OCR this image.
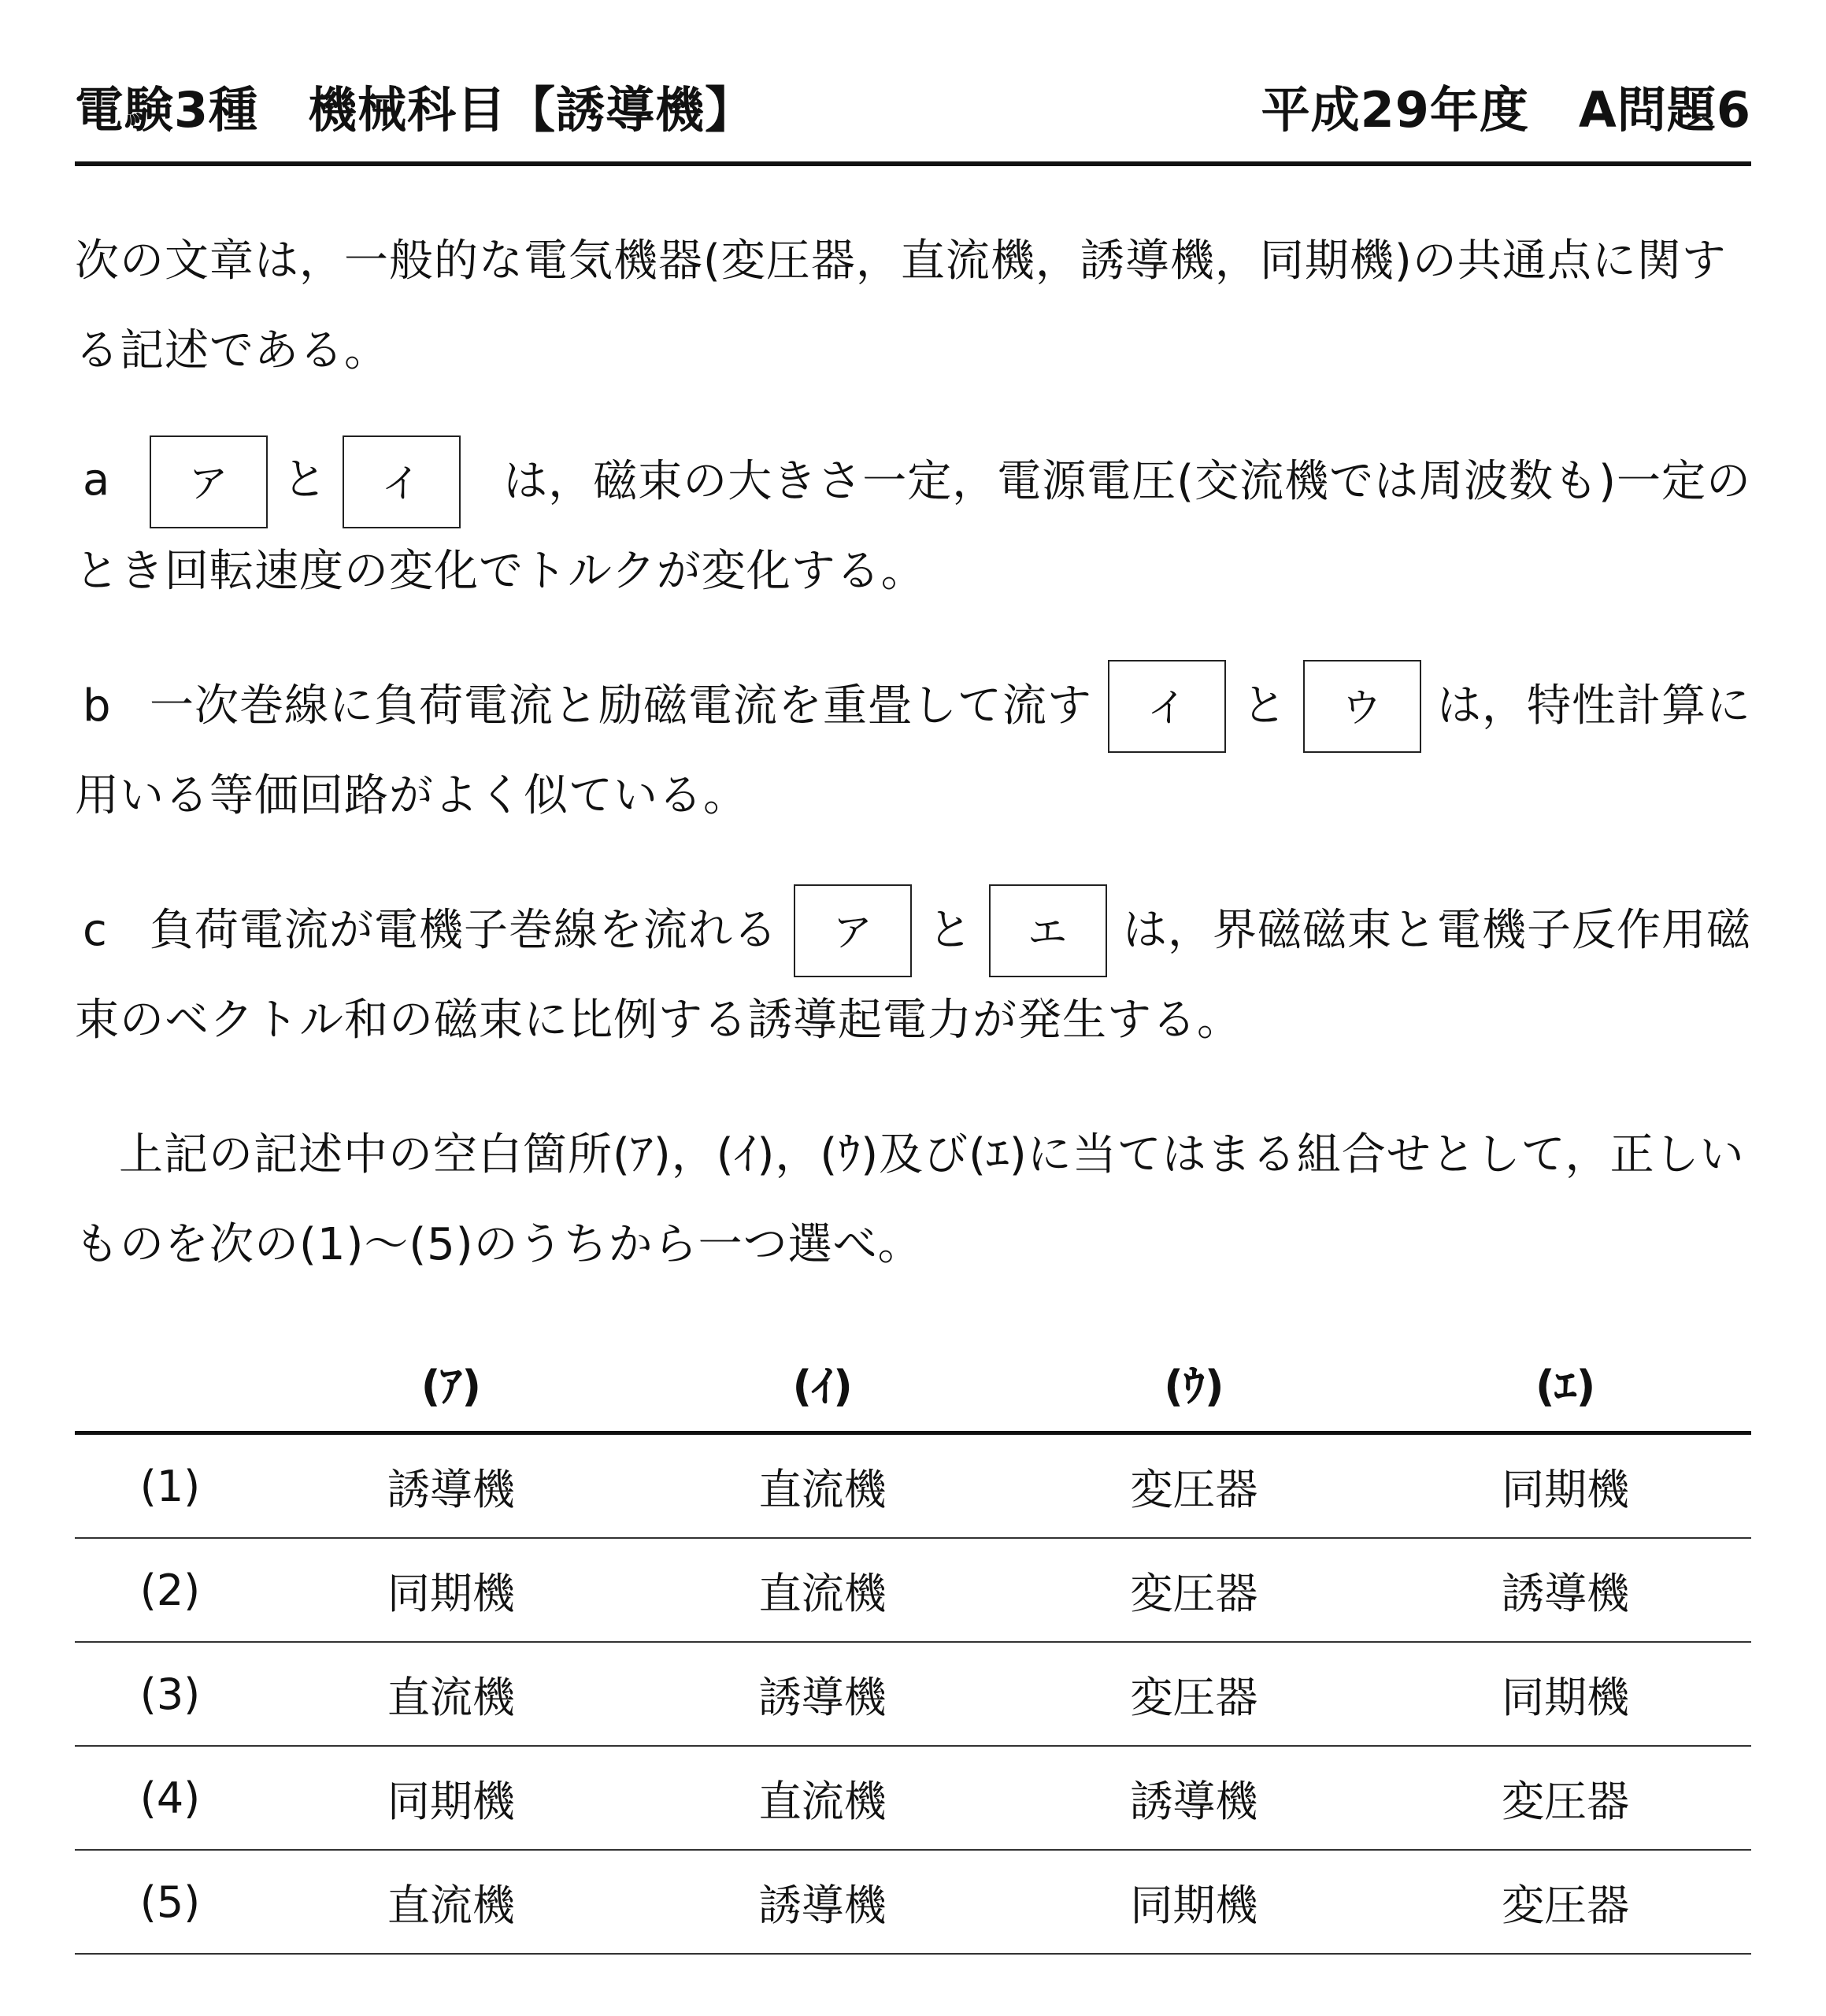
電験3種　機械科目【誘導機】	平成29年度　A問題6
次の文章は，一般的な電気機器(変圧器，直流機，誘導機，同期機)の共通点に関す
る記述である。
a ア と イ	は，磁束の大きさ一定，電源電圧(交流機では周波数も)一定の
とき回転速度の変化でトルクが変化する。
b 一次巻線に負荷電流と励磁電流を重畳して流す	イ	と	ウ	は，特性計算に
用いる等価回路がよく似ている。
c 負荷電流が電機子巻線を流れる	ア	と	エ	は，界磁磁束と電機子反作用磁
束のベクトル和の磁束に比例する誘導起電力が発生する。
上記の記述中の空白箇所(ｱ)，(ｲ)，(ｳ)及び(ｴ)に当てはまる組合せとして，正しい
ものを次の(1)～(5)のうちから一つ選べ。
	(ｱ)	(ｲ)	(ｳ)	(ｴ)
(1)	誘導機	直流機	変圧器	同期機
(2)	同期機	直流機	変圧器	誘導機
(3)	直流機	誘導機	変圧器	同期機
(4)	同期機	直流機	誘導機	変圧器
(5)	直流機	誘導機	同期機	変圧器
